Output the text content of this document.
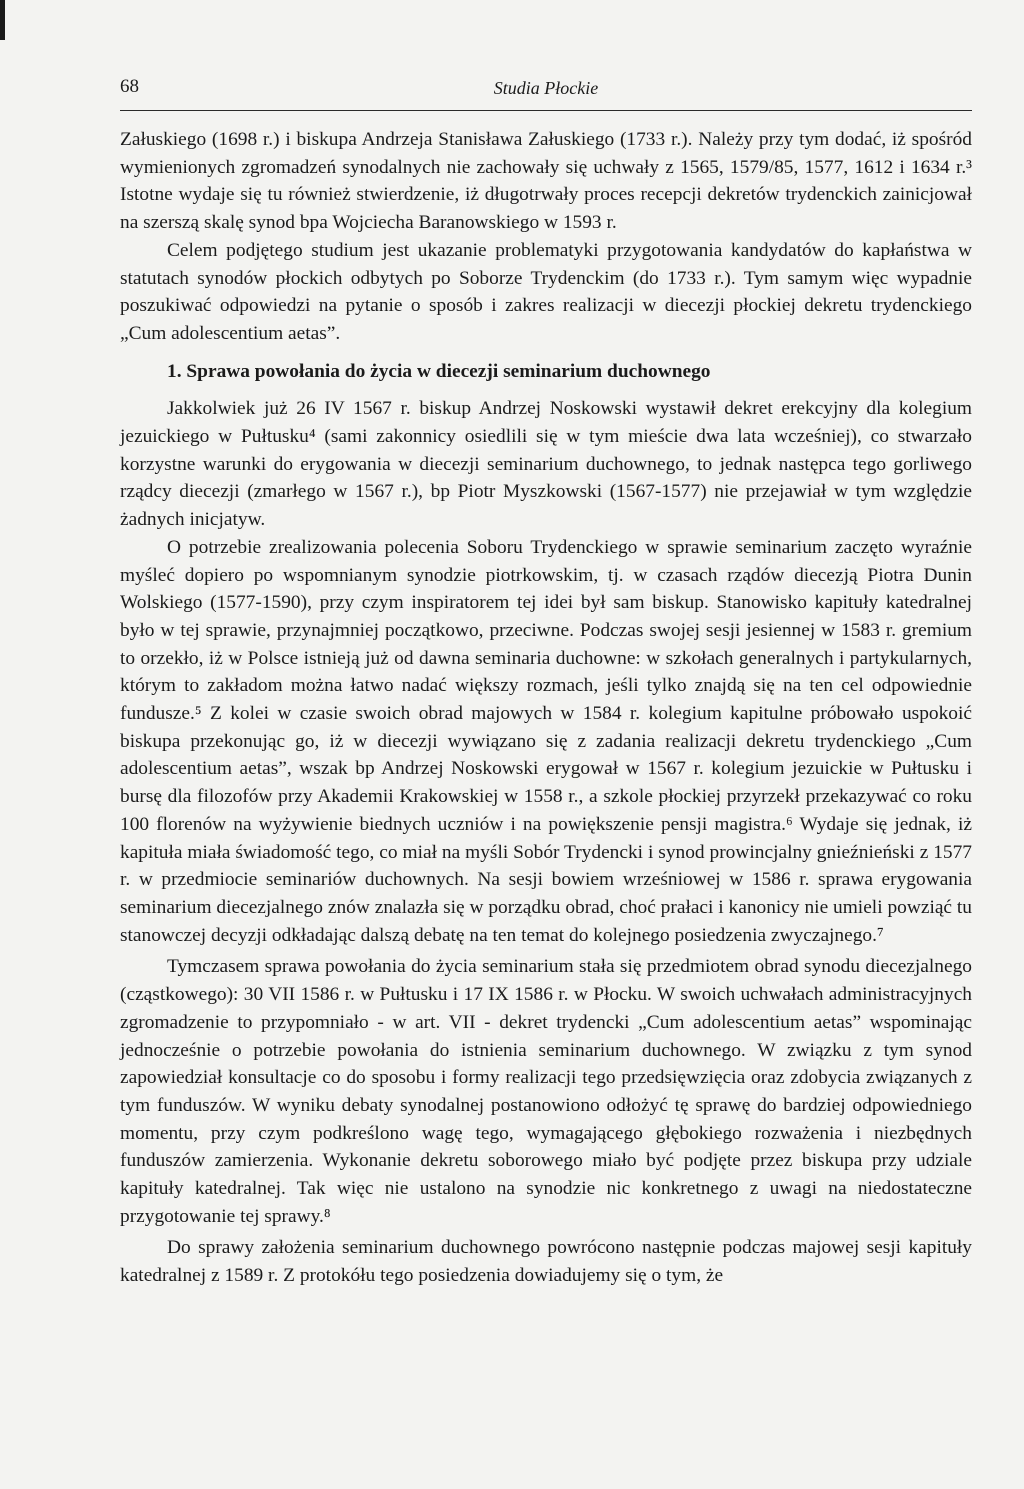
68	Studia Płockie

Załuskiego (1698 r.) i biskupa Andrzeja Stanisława Załuskiego (1733 r.). Należy przy tym dodać, iż spośród wymienionych zgromadzeń synodalnych nie zachowały się uchwały z 1565, 1579/85, 1577, 1612 i 1634 r.³ Istotne wydaje się tu również stwierdzenie, iż długotrwały proces recepcji dekretów trydenckich zainicjował na szerszą skalę synod bpa Wojciecha Baranowskiego w 1593 r.

Celem podjętego studium jest ukazanie problematyki przygotowania kandydatów do kapłaństwa w statutach synodów płockich odbytych po Soborze Trydenckim (do 1733 r.). Tym samym więc wypadnie poszukiwać odpowiedzi na pytanie o sposób i zakres realizacji w diecezji płockiej dekretu trydenckiego „Cum adolescentium aetas”.

1. Sprawa powołania do życia w diecezji seminarium duchownego

Jakkolwiek już 26 IV 1567 r. biskup Andrzej Noskowski wystawił dekret erekcyjny dla kolegium jezuickiego w Pułtusku⁴ (sami zakonnicy osiedlili się w tym mieście dwa lata wcześniej), co stwarzało korzystne warunki do erygowania w diecezji seminarium duchownego, to jednak następca tego gorliwego rządcy diecezji (zmarłego w 1567 r.), bp Piotr Myszkowski (1567-1577) nie przejawiał w tym względzie żadnych inicjatyw.

O potrzebie zrealizowania polecenia Soboru Trydenckiego w sprawie seminarium zaczęto wyraźnie myśleć dopiero po wspomnianym synodzie piotrkowskim, tj. w czasach rządów diecezją Piotra Dunin Wolskiego (1577-1590), przy czym inspiratorem tej idei był sam biskup. Stanowisko kapituły katedralnej było w tej sprawie, przynajmniej początkowo, przeciwne. Podczas swojej sesji jesiennej w 1583 r. gremium to orzekło, iż w Polsce istnieją już od dawna seminaria duchowne: w szkołach generalnych i partykularnych, którym to zakładom można łatwo nadać większy rozmach, jeśli tylko znajdą się na ten cel odpowiednie fundusze.⁵ Z kolei w czasie swoich obrad majowych w 1584 r. kolegium kapitulne próbowało uspokoić biskupa przekonując go, iż w diecezji wywiązano się z zadania realizacji dekretu trydenckiego „Cum adolescentium aetas”, wszak bp Andrzej Noskowski erygował w 1567 r. kolegium jezuickie w Pułtusku i bursę dla filozofów przy Akademii Krakowskiej w 1558 r., a szkole płockiej przyrzekł przekazywać co roku 100 florenów na wyżywienie biednych uczniów i na powiększenie pensji magistra.⁶ Wydaje się jednak, iż kapituła miała świadomość tego, co miał na myśli Sobór Trydencki i synod prowincjalny gnieźnieński z 1577 r. w przedmiocie seminariów duchownych. Na sesji bowiem wrześniowej w 1586 r. sprawa erygowania seminarium diecezjalnego znów znalazła się w porządku obrad, choć prałaci i kanonicy nie umieli powziąć tu stanowczej decyzji odkładając dalszą debatę na ten temat do kolejnego posiedzenia zwyczajnego.⁷

Tymczasem sprawa powołania do życia seminarium stała się przedmiotem obrad synodu diecezjalnego (cząstkowego): 30 VII 1586 r. w Pułtusku i 17 IX 1586 r. w Płocku. W swoich uchwałach administracyjnych zgromadzenie to przypomniało - w art. VII - dekret trydencki „Cum adolescentium aetas” wspominając jednocześnie o potrzebie powołania do istnienia seminarium duchownego. W związku z tym synod zapowiedział konsultacje co do sposobu i formy realizacji tego przedsięwzięcia oraz zdobycia związanych z tym funduszów. W wyniku debaty synodalnej postanowiono odłożyć tę sprawę do bardziej odpowiedniego momentu, przy czym podkreślono wagę tego, wymagającego głębokiego rozważenia i niezbędnych funduszów zamierzenia. Wykonanie dekretu soborowego miało być podjęte przez biskupa przy udziale kapituły katedralnej. Tak więc nie ustalono na synodzie nic konkretnego z uwagi na niedostateczne przygotowanie tej sprawy.⁸

Do sprawy założenia seminarium duchownego powrócono następnie podczas majowej sesji kapituły katedralnej z 1589 r. Z protokółu tego posiedzenia dowiadujemy się o tym, że
